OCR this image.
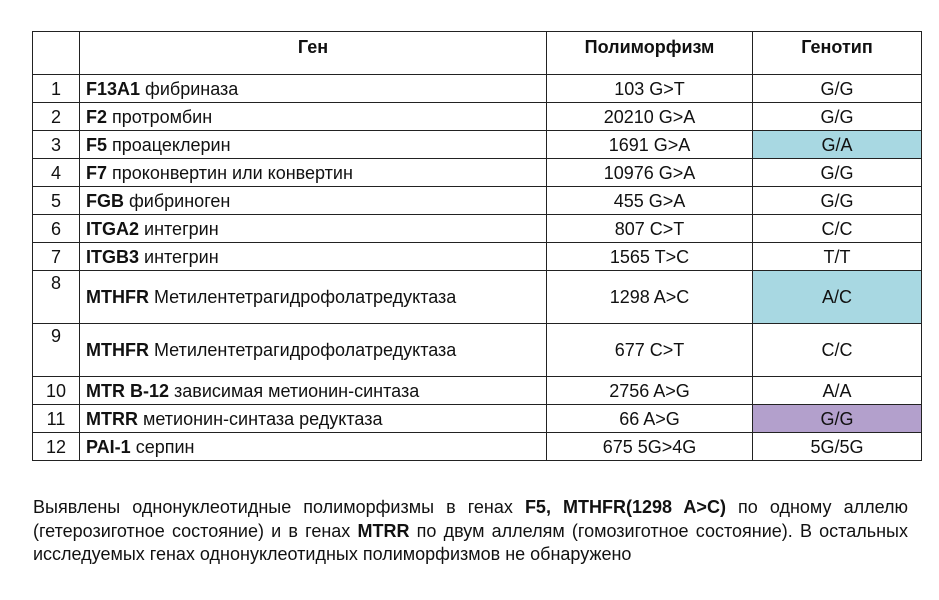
	Ген	Полиморфизм	Генотип
1	F13A1 фибриназа	103 G>T	G/G
2	F2 протромбин	20210 G>A	G/G
3	F5 проацеклерин	1691 G>A	G/A
4	F7 проконвертин или конвертин	10976 G>A	G/G
5	FGB фибриноген	455 G>A	G/G
6	ITGA2 интегрин	807 C>T	C/C
7	ITGB3 интегрин	1565 T>C	T/T
8	MTHFR Метилентетрагидрофолатредуктаза	1298 A>C	A/C
9	MTHFR Метилентетрагидрофолатредуктаза	677 C>T	C/C
10	MTR B-12 зависимая метионин-синтаза	2756 A>G	A/A
11	MTRR метионин-синтаза редуктаза	66 A>G	G/G
12	PAI-1 серпин	675 5G>4G	5G/5G

Выявлены однонуклеотидные полиморфизмы в генах F5, MTHFR(1298 A>C) по одному аллелю (гетерозиготное состояние) и в генах MTRR по двум аллелям (гомозиготное состояние). В остальных исследуемых генах однонуклеотидных полиморфизмов не обнаружено
